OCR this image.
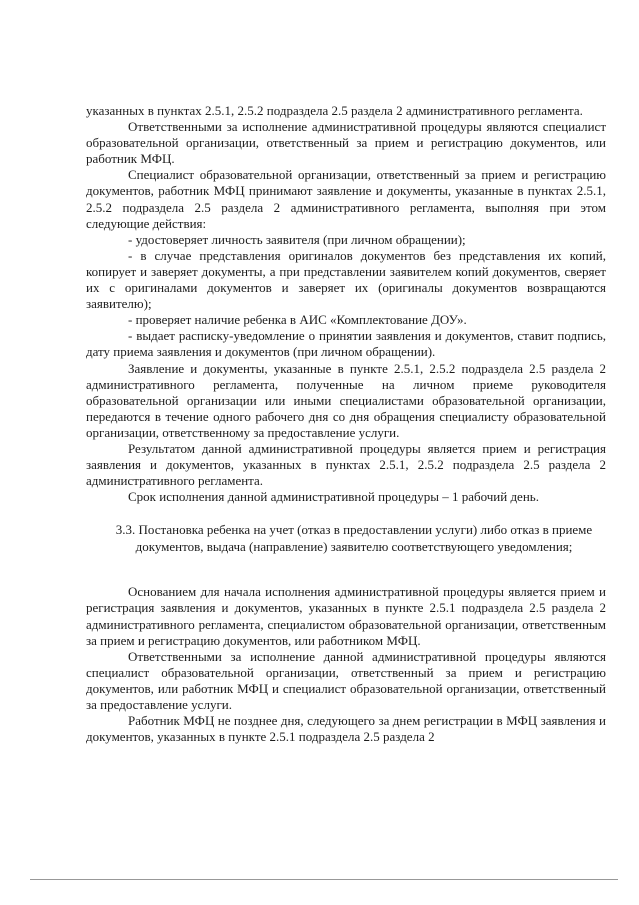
указанных в пунктах 2.5.1, 2.5.2 подраздела 2.5 раздела 2 административного регламента.

Ответственными за исполнение административной процедуры являются специалист образовательной организации, ответственный за прием и регистрацию документов, или работник МФЦ.

Специалист образовательной организации, ответственный за прием и регистрацию документов, работник МФЦ принимают заявление и документы, указанные в пунктах 2.5.1, 2.5.2 подраздела 2.5 раздела 2 административного регламента, выполняя при этом следующие действия:

- удостоверяет личность заявителя (при личном обращении);

- в случае представления оригиналов документов без представления их копий, копирует и заверяет документы, а при представлении заявителем копий документов, сверяет их с оригиналами документов и заверяет их (оригиналы документов возвращаются заявителю);

- проверяет наличие ребенка в АИС «Комплектование ДОУ».

- выдает расписку-уведомление о принятии заявления и документов, ставит подпись, дату приема заявления и документов (при личном обращении).

Заявление и документы, указанные в пункте 2.5.1, 2.5.2 подраздела 2.5 раздела 2 административного регламента, полученные на личном приеме руководителя образовательной организации или иными специалистами образовательной организации, передаются в течение одного рабочего дня со дня обращения специалисту образовательной организации, ответственному за предоставление услуги.

Результатом данной административной процедуры является прием и регистрация заявления и документов, указанных в пунктах 2.5.1, 2.5.2 подраздела 2.5 раздела 2 административного регламента.

Срок исполнения данной административной процедуры – 1 рабочий день.

3.3. Постановка ребенка на учет (отказ в предоставлении услуги) либо отказ в приеме документов, выдача (направление) заявителю соответствующего уведомления;

Основанием для начала исполнения административной процедуры является прием и регистрация заявления и документов, указанных в пункте 2.5.1 подраздела 2.5 раздела 2 административного регламента, специалистом образовательной организации, ответственным за прием и регистрацию документов, или работником МФЦ.

Ответственными за исполнение данной административной процедуры являются специалист образовательной организации, ответственный за прием и регистрацию документов, или работник МФЦ и специалист образовательной организации, ответственный за предоставление услуги.

Работник МФЦ не позднее дня, следующего за днем регистрации в МФЦ заявления и документов, указанных в пункте 2.5.1 подраздела 2.5 раздела 2
